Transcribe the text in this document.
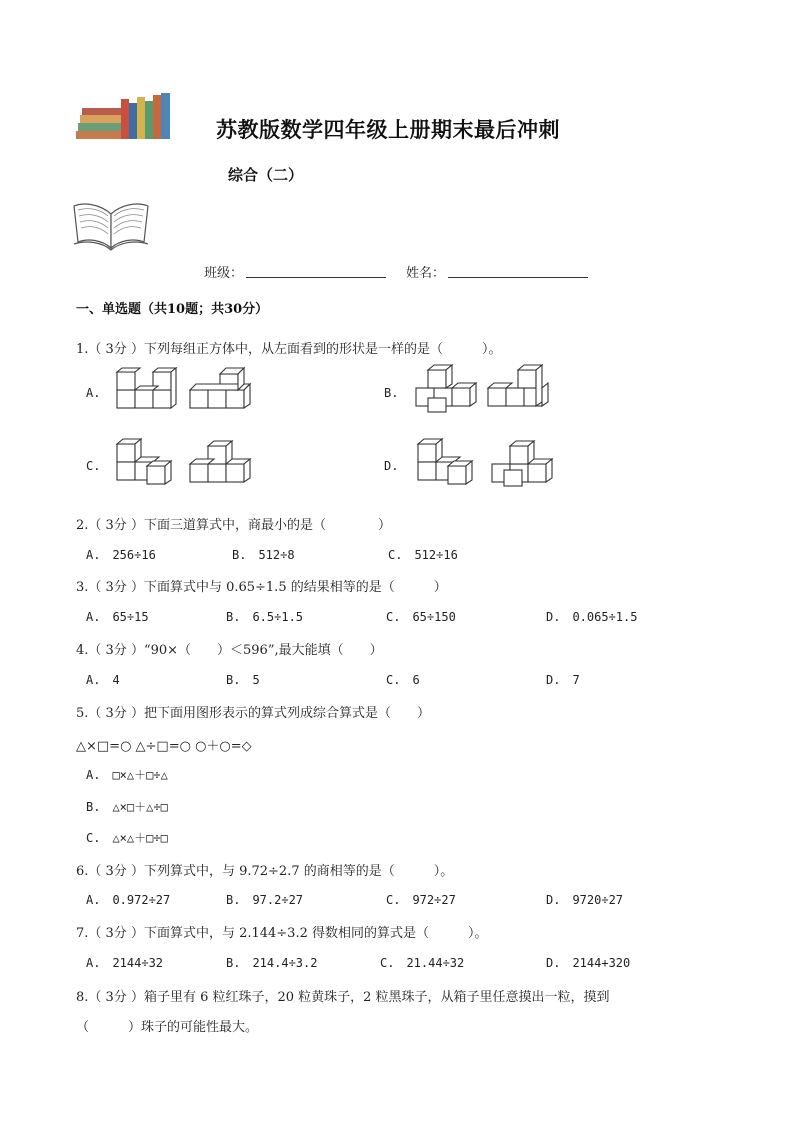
苏教版数学四年级上册期末最后冲刺
综合（二）
班级：	姓名：
一、单选题（共10题；共30分）
1.（ 3分 ）下列每组正方体中，从左面看到的形状是一样的是（　　　）。
A.	B.
C.	D.
2.（ 3分 ）下面三道算式中，商最小的是（　　　　）
A.　256÷16	B.　512÷8	C.　512÷16
3.（ 3分 ）下面算式中与 0.65÷1.5 的结果相等的是（　　　）
A.　65÷15	B.　6.5÷1.5	C.　65÷150	D.　0.065÷1.5
4.（ 3分 ）“90×（　　）＜596”,最大能填（　　）
A.　4	B.　5	C.　6	D.　7
5.（ 3分 ）把下面用图形表示的算式列成综合算式是（　　）
△×□=○ △÷□=○ ○＋○=◇
A.　□×△＋□÷△
B.　△×□＋△÷□
C.　△×△＋□÷□
6.（ 3分 ）下列算式中，与 9.72÷2.7 的商相等的是（　　　）。
A.　0.972÷27	B.　97.2÷27	C.　972÷27	D.　9720÷27
7.（ 3分 ）下面算式中，与 2.144÷3.2 得数相同的算式是（　　　）。
A.　2144÷32	B.　214.4÷3.2	C.　21.44÷32	D.　2144+320
8.（ 3分 ）箱子里有 6 粒红珠子，20 粒黄珠子，2 粒黑珠子，从箱子里任意摸出一粒，摸到
（　　　）珠子的可能性最大。
